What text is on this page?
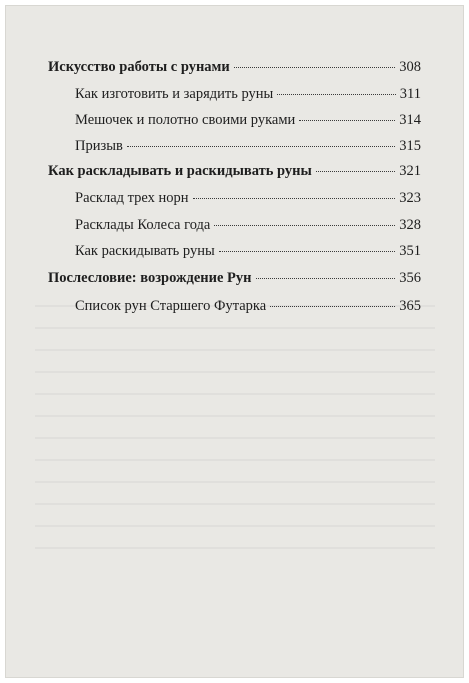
Искусство работы с рунами	308
Как изготовить и зарядить руны	311
Мешочек и полотно своими руками	314
Призыв	315
Как раскладывать и раскидывать руны	321
Расклад трех норн	323
Расклады Колеса года	328
Как раскидывать руны	351
Послесловие: возрождение Рун	356
Список рун Старшего Футарка	365
